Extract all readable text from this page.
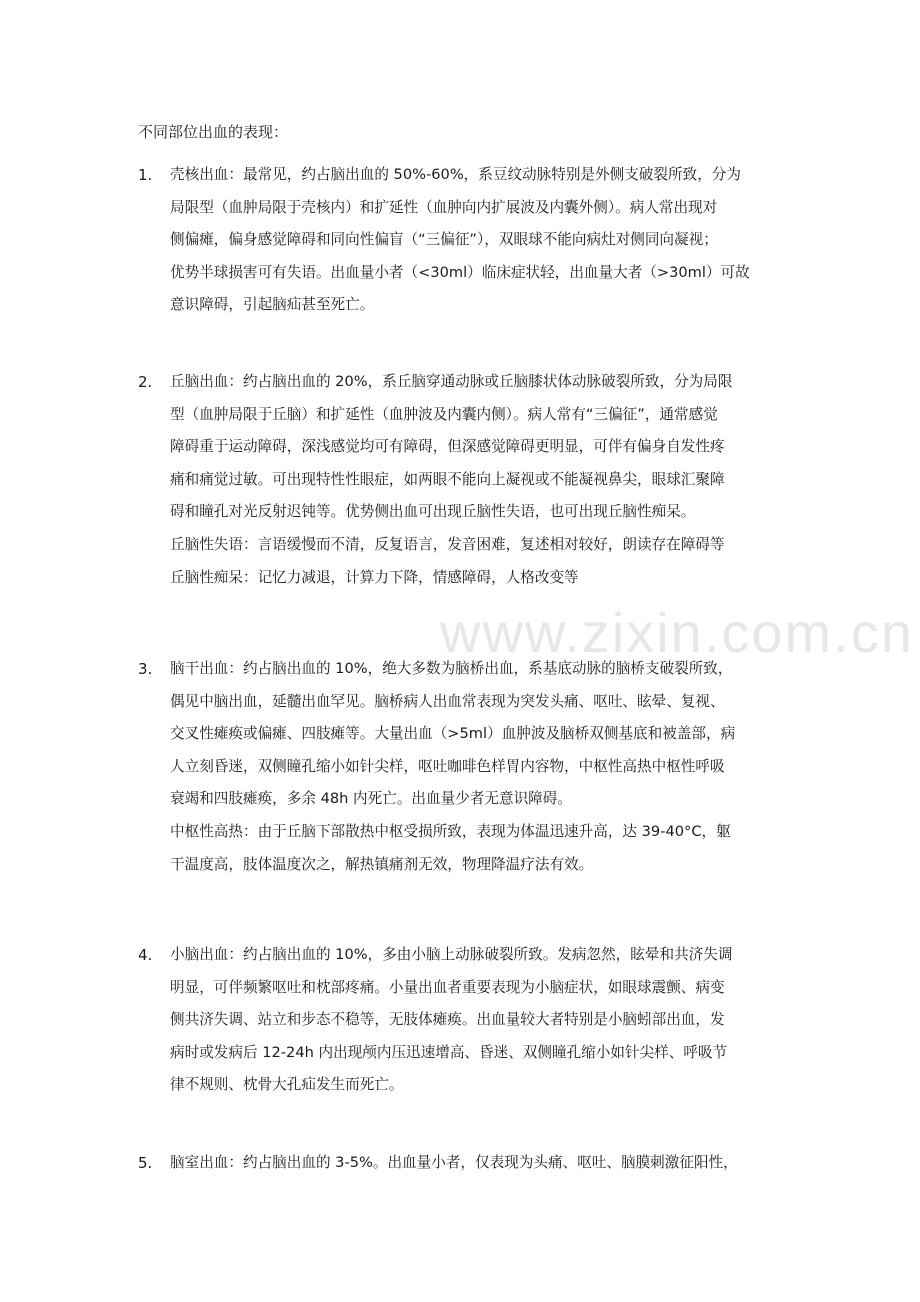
www.zixin.com.cn
不同部位出血的表现：
1. 壳核出血：最常见，约占脑出血的 50%-60%，系豆纹动脉特别是外侧支破裂所致，分为
局限型（血肿局限于壳核内）和扩延性（血肿向内扩展波及内囊外侧）。病人常出现对
侧偏瘫，偏身感觉障碍和同向性偏盲（“三偏征”），双眼球不能向病灶对侧同向凝视；
优势半球损害可有失语。出血量小者（<30ml）临床症状轻，出血量大者（>30ml）可故
意识障碍，引起脑疝甚至死亡。
2. 丘脑出血：约占脑出血的 20%，系丘脑穿通动脉或丘脑膝状体动脉破裂所致，分为局限
型（血肿局限于丘脑）和扩延性（血肿波及内囊内侧）。病人常有“三偏征”，通常感觉
障碍重于运动障碍，深浅感觉均可有障碍，但深感觉障碍更明显，可伴有偏身自发性疼
痛和痛觉过敏。可出现特性性眼症，如两眼不能向上凝视或不能凝视鼻尖，眼球汇聚障
碍和瞳孔对光反射迟钝等。优势侧出血可出现丘脑性失语，也可出现丘脑性痴呆。
丘脑性失语：言语缓慢而不清，反复语言，发音困难，复述相对较好，朗读存在障碍等
丘脑性痴呆：记忆力减退，计算力下降，情感障碍，人格改变等
3. 脑干出血：约占脑出血的 10%，绝大多数为脑桥出血，系基底动脉的脑桥支破裂所致，
偶见中脑出血，延髓出血罕见。脑桥病人出血常表现为突发头痛、呕吐、眩晕、复视、
交叉性瘫痪或偏瘫、四肢瘫等。大量出血（>5ml）血肿波及脑桥双侧基底和被盖部，病
人立刻昏迷，双侧瞳孔缩小如针尖样，呕吐咖啡色样胃内容物，中枢性高热中枢性呼吸
衰竭和四肢瘫痪，多余 48h 内死亡。出血量少者无意识障碍。
中枢性高热：由于丘脑下部散热中枢受损所致，表现为体温迅速升高，达 39-40°C，躯
干温度高，肢体温度次之，解热镇痛剂无效，物理降温疗法有效。
4. 小脑出血：约占脑出血的 10%，多由小脑上动脉破裂所致。发病忽然，眩晕和共济失调
明显，可伴频繁呕吐和枕部疼痛。小量出血者重要表现为小脑症状，如眼球震颤、病变
侧共济失调、站立和步态不稳等，无肢体瘫痪。出血量较大者特别是小脑蚓部出血，发
病时或发病后 12-24h 内出现颅内压迅速增高、昏迷、双侧瞳孔缩小如针尖样、呼吸节
律不规则、枕骨大孔疝发生而死亡。
5. 脑室出血：约占脑出血的 3-5%。出血量小者，仅表现为头痛、呕吐、脑膜刺激征阳性，
